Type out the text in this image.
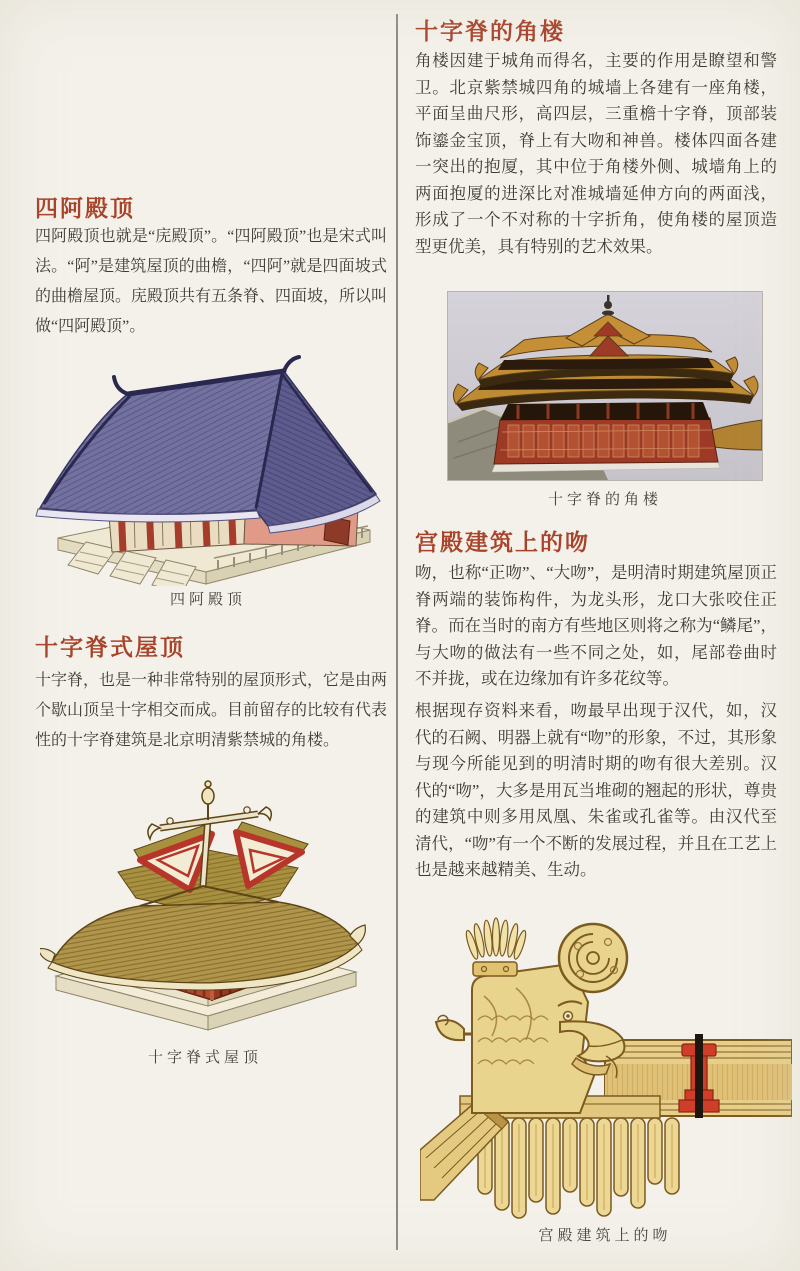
四阿殿顶

四阿殿顶也就是“庑殿顶”。“四阿殿顶”也是宋式叫法。“阿”是建筑屋顶的曲檐，“四阿”就是四面坡式的曲檐屋顶。庑殿顶共有五条脊、四面坡，所以叫做“四阿殿顶”。

四阿殿顶
十字脊式屋顶

十字脊，也是一种非常特别的屋顶形式，它是由两个歇山顶呈十字相交而成。目前留存的比较有代表性的十字脊建筑是北京明清紫禁城的角楼。

十字脊式屋顶
十字脊的角楼

角楼因建于城角而得名，主要的作用是瞭望和警卫。北京紫禁城四角的城墙上各建有一座角楼，平面呈曲尺形，高四层，三重檐十字脊，顶部装饰鎏金宝顶，脊上有大吻和神兽。楼体四面各建一突出的抱厦，其中位于角楼外侧、城墙角上的两面抱厦的进深比对准城墙延伸方向的两面浅，形成了一个不对称的十字折角，使角楼的屋顶造型更优美，具有特别的艺术效果。

十字脊的角楼
宫殿建筑上的吻

吻，也称“正吻”、“大吻”，是明清时期建筑屋顶正脊两端的装饰构件，为龙头形，龙口大张咬住正脊。而在当时的南方有些地区则将之称为“鳞尾”，与大吻的做法有一些不同之处，如，尾部卷曲时不并拢，或在边缘加有许多花纹等。

根据现存资料来看，吻最早出现于汉代，如，汉代的石阙、明器上就有“吻”的形象，不过，其形象与现今所能见到的明清时期的吻有很大差别。汉代的“吻”，大多是用瓦当堆砌的翘起的形状，尊贵的建筑中则多用凤凰、朱雀或孔雀等。由汉代至清代，“吻”有一个不断的发展过程，并且在工艺上也是越来越精美、生动。

宫殿建筑上的吻
